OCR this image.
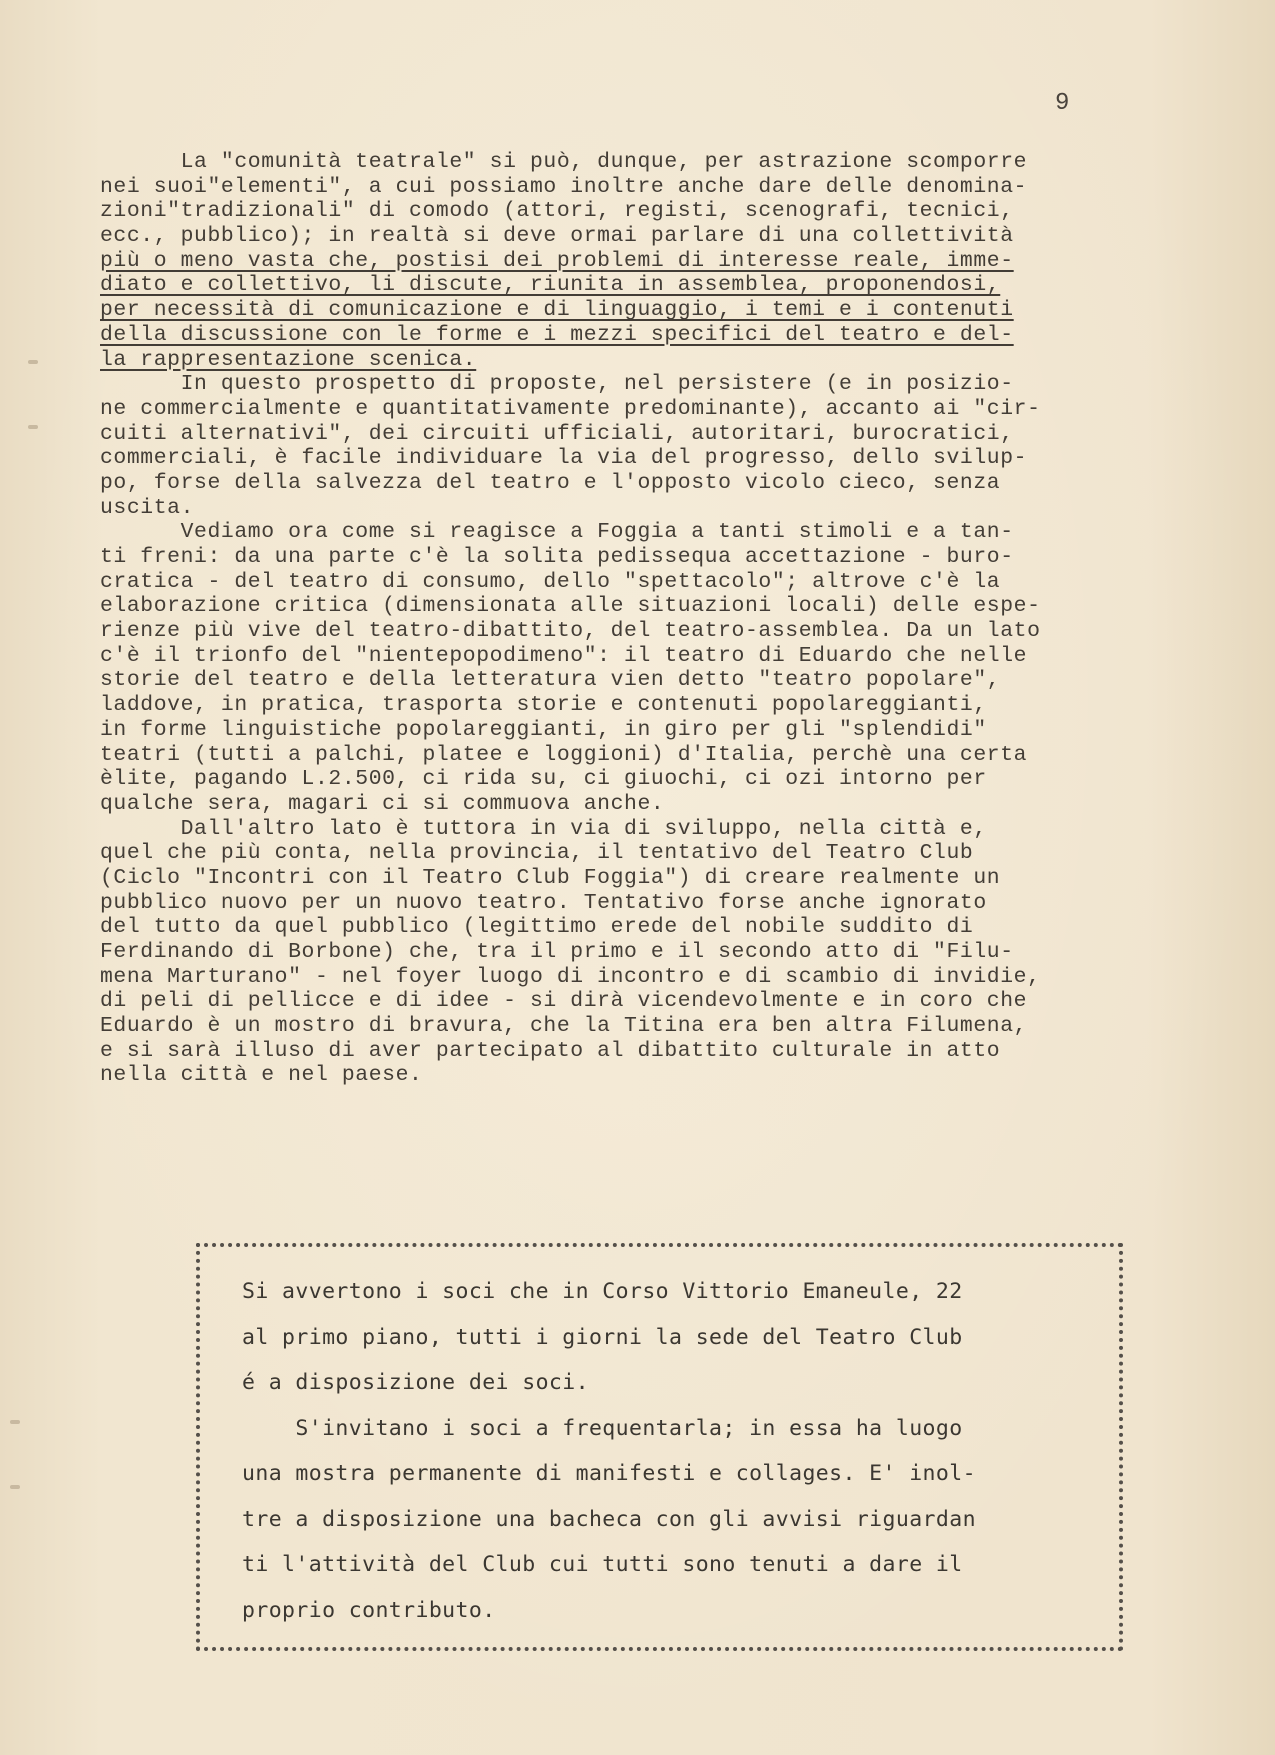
9
La "comunità teatrale" si può, dunque, per astrazione scomporre
nei suoi"elementi", a cui possiamo inoltre anche dare delle denomina-
zioni"tradizionali" di comodo (attori, registi, scenografi, tecnici,
ecc., pubblico); in realtà si deve ormai parlare di una collettività
più o meno vasta che, postisi dei problemi di interesse reale, imme-
diato e collettivo, li discute, riunita in assemblea, proponendosi,
per necessità di comunicazione e di linguaggio, i temi e i contenuti
della discussione con le forme e i mezzi specifici del teatro e del-
la rappresentazione scenica.
In questo prospetto di proposte, nel persistere (e in posizio-
ne commercialmente e quantitativamente predominante), accanto ai "cir-
cuiti alternativi", dei circuiti ufficiali, autoritari, burocratici,
commerciali, è facile individuare la via del progresso, dello svilup-
po, forse della salvezza del teatro e l'opposto vicolo cieco, senza
uscita.
Vediamo ora come si reagisce a Foggia a tanti stimoli e a tan-
ti freni: da una parte c'è la solita pedissequa accettazione - buro-
cratica - del teatro di consumo, dello "spettacolo"; altrove c'è la
elaborazione critica (dimensionata alle situazioni locali) delle espe-
rienze più vive del teatro-dibattito, del teatro-assemblea. Da un lato
c'è il trionfo del "nientepopodimeno": il teatro di Eduardo che nelle
storie del teatro e della letteratura vien detto "teatro popolare",
laddove, in pratica, trasporta storie e contenuti popolareggianti,
in forme linguistiche popolareggianti, in giro per gli "splendidi"
teatri (tutti a palchi, platee e loggioni) d'Italia, perchè una certa
èlite, pagando L.2.500, ci rida su, ci giuochi, ci ozi intorno per
qualche sera, magari ci si commuova anche.
Dall'altro lato è tuttora in via di sviluppo, nella città e,
quel che più conta, nella provincia, il tentativo del Teatro Club
(Ciclo "Incontri con il Teatro Club Foggia") di creare realmente un
pubblico nuovo per un nuovo teatro. Tentativo forse anche ignorato
del tutto da quel pubblico (legittimo erede del nobile suddito di
Ferdinando di Borbone) che, tra il primo e il secondo atto di "Filu-
mena Marturano" - nel foyer luogo di incontro e di scambio di invidie,
di peli di pellicce e di idee - si dirà vicendevolmente e in coro che
Eduardo è un mostro di bravura, che la Titina era ben altra Filumena,
e si sarà illuso di aver partecipato al dibattito culturale in atto
nella città e nel paese.
Si avvertono i soci che in Corso Vittorio Emaneule, 22
al primo piano, tutti i giorni la sede del Teatro Club
é a disposizione dei soci.
S'invitano i soci a frequentarla; in essa ha luogo
una mostra permanente di manifesti e collages. E' inol-
tre a disposizione una bacheca con gli avvisi riguardan
ti l'attività del Club cui tutti sono tenuti a dare il
proprio contributo.
